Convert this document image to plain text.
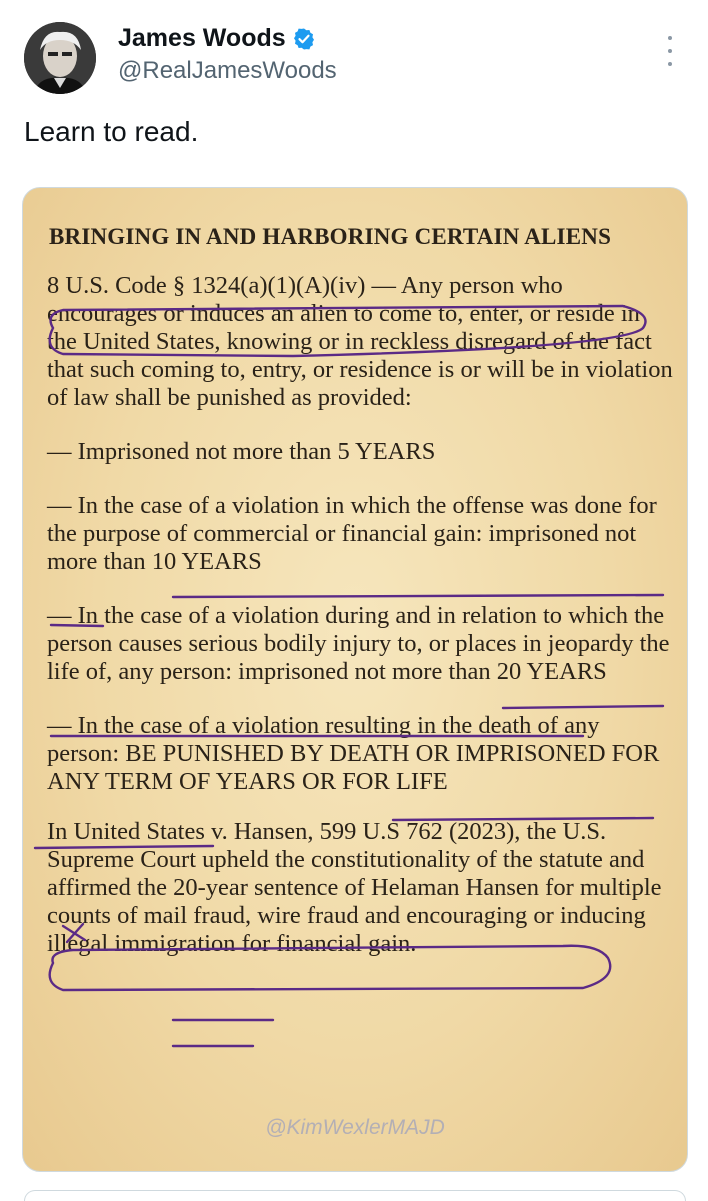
James Woods
@RealJamesWoods
Learn to read.
BRINGING IN AND HARBORING CERTAIN ALIENS
8 U.S. Code § 1324(a)(1)(A)(iv) — Any person who encourages or induces an alien to come to, enter, or reside in the United States, knowing or in reckless disregard of the fact that such coming to, entry, or residence is or will be in violation of law shall be punished as provided:
— Imprisoned not more than 5 YEARS
— In the case of a violation in which the offense was done for the purpose of commercial or financial gain: imprisoned not more than 10 YEARS
— In the case of a violation during and in relation to which the person causes serious bodily injury to, or places in jeopardy the life of, any person: imprisoned not more than 20 YEARS
— In the case of a violation resulting in the death of any person: BE PUNISHED BY DEATH OR IMPRISONED FOR ANY TERM OF YEARS OR FOR LIFE
In United States v. Hansen, 599 U.S 762 (2023), the U.S. Supreme Court upheld the constitutionality of the statute and affirmed the 20-year sentence of Helaman Hansen for multiple counts of mail fraud, wire fraud and encouraging or inducing illegal immigration for financial gain.
@KimWexlerMAJD
